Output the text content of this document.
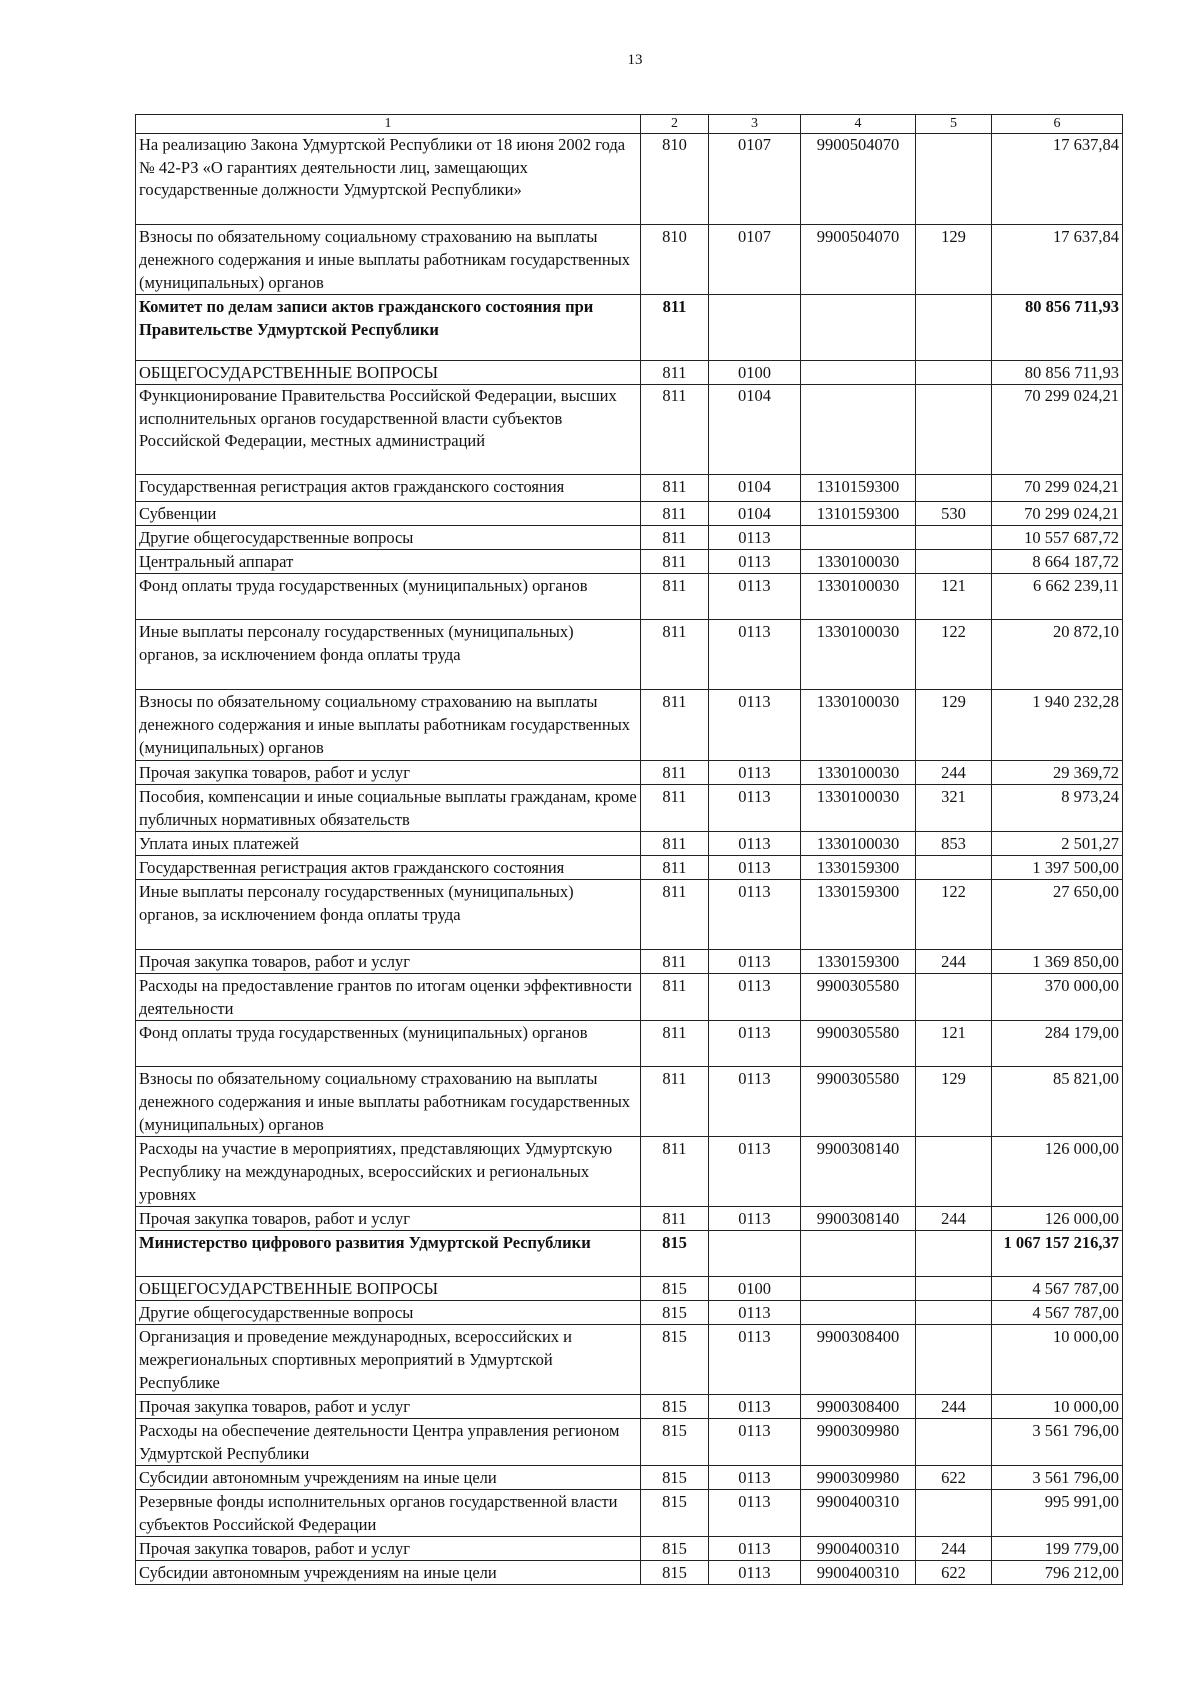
13
1	2	3	4	5	6
На реализацию Закона Удмуртской Республики от 18 июня 2002 года № 42-РЗ «О гарантиях деятельности лиц, замещающих государственные должности Удмуртской Республики»	810	0107	9900504070		17 637,84
Взносы по обязательному социальному страхованию на выплаты денежного содержания и иные выплаты работникам государственных (муниципальных) органов	810	0107	9900504070	129	17 637,84
Комитет по делам записи актов гражданского состояния при Правительстве Удмуртской Республики	811				80 856 711,93
ОБЩЕГОСУДАРСТВЕННЫЕ ВОПРОСЫ	811	0100			80 856 711,93
Функционирование Правительства Российской Федерации, высших исполнительных органов государственной власти субъектов Российской Федерации, местных администраций	811	0104			70 299 024,21
Государственная регистрация актов гражданского состояния	811	0104	1310159300		70 299 024,21
Субвенции	811	0104	1310159300	530	70 299 024,21
Другие общегосударственные вопросы	811	0113			10 557 687,72
Центральный аппарат	811	0113	1330100030		8 664 187,72
Фонд оплаты труда государственных (муниципальных) органов	811	0113	1330100030	121	6 662 239,11
Иные выплаты персоналу государственных (муниципальных) органов, за исключением фонда оплаты труда	811	0113	1330100030	122	20 872,10
Взносы по обязательному социальному страхованию на выплаты денежного содержания и иные выплаты работникам государственных (муниципальных) органов	811	0113	1330100030	129	1 940 232,28
Прочая закупка товаров, работ и услуг	811	0113	1330100030	244	29 369,72
Пособия, компенсации и иные социальные выплаты гражданам, кроме публичных нормативных обязательств	811	0113	1330100030	321	8 973,24
Уплата иных платежей	811	0113	1330100030	853	2 501,27
Государственная регистрация актов гражданского состояния	811	0113	1330159300		1 397 500,00
Иные выплаты персоналу государственных (муниципальных) органов, за исключением фонда оплаты труда	811	0113	1330159300	122	27 650,00
Прочая закупка товаров, работ и услуг	811	0113	1330159300	244	1 369 850,00
Расходы на предоставление грантов по итогам оценки эффективности деятельности	811	0113	9900305580		370 000,00
Фонд оплаты труда государственных (муниципальных) органов	811	0113	9900305580	121	284 179,00
Взносы по обязательному социальному страхованию на выплаты денежного содержания и иные выплаты работникам государственных (муниципальных) органов	811	0113	9900305580	129	85 821,00
Расходы на участие в мероприятиях, представляющих Удмуртскую Республику на международных, всероссийских и региональных уровнях	811	0113	9900308140		126 000,00
Прочая закупка товаров, работ и услуг	811	0113	9900308140	244	126 000,00
Министерство цифрового развития Удмуртской Республики	815				1 067 157 216,37
ОБЩЕГОСУДАРСТВЕННЫЕ ВОПРОСЫ	815	0100			4 567 787,00
Другие общегосударственные вопросы	815	0113			4 567 787,00
Организация и проведение международных, всероссийских и межрегиональных спортивных мероприятий в Удмуртской Республике	815	0113	9900308400		10 000,00
Прочая закупка товаров, работ и услуг	815	0113	9900308400	244	10 000,00
Расходы на обеспечение деятельности Центра управления регионом Удмуртской Республики	815	0113	9900309980		3 561 796,00
Субсидии автономным учреждениям на иные цели	815	0113	9900309980	622	3 561 796,00
Резервные фонды исполнительных органов государственной власти субъектов Российской Федерации	815	0113	9900400310		995 991,00
Прочая закупка товаров, работ и услуг	815	0113	9900400310	244	199 779,00
Субсидии автономным учреждениям на иные цели	815	0113	9900400310	622	796 212,00
